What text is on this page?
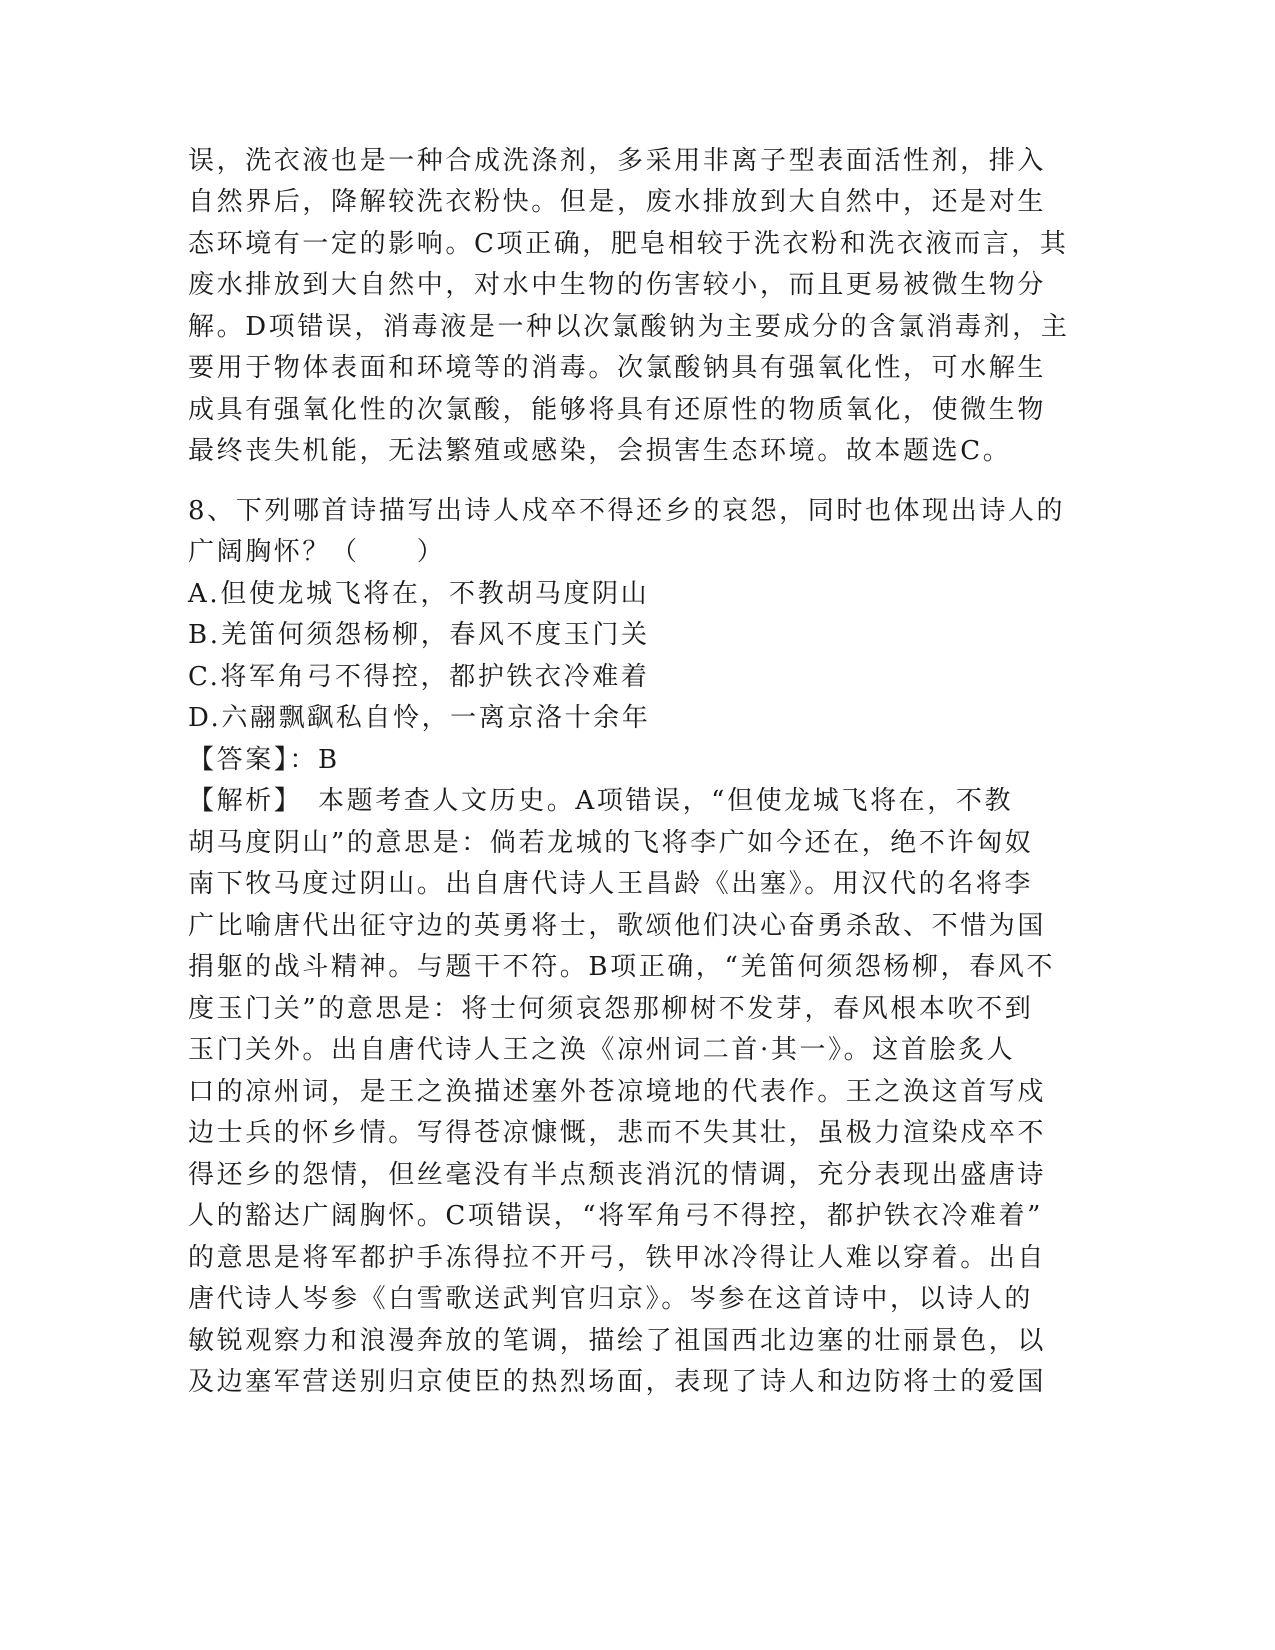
误，洗衣液也是一种合成洗涤剂，多采用非离子型表面活性剂，排入
自然界后，降解较洗衣粉快。但是，废水排放到大自然中，还是对生
态环境有一定的影响。C项正确，肥皂相较于洗衣粉和洗衣液而言，其
废水排放到大自然中，对水中生物的伤害较小，而且更易被微生物分
解。D项错误，消毒液是一种以次氯酸钠为主要成分的含氯消毒剂，主
要用于物体表面和环境等的消毒。次氯酸钠具有强氧化性，可水解生
成具有强氧化性的次氯酸，能够将具有还原性的物质氧化，使微生物
最终丧失机能，无法繁殖或感染，会损害生态环境。故本题选C。
8、下列哪首诗描写出诗人戍卒不得还乡的哀怨，同时也体现出诗人的
广阔胸怀？（　　）
A.但使龙城飞将在，不教胡马度阴山
B.羌笛何须怨杨柳，春风不度玉门关
C.将军角弓不得控，都护铁衣冷难着
D.六翮飘飖私自怜，一离京洛十余年
【答案】：B
【解析】　本题考查人文历史。A项错误，“但使龙城飞将在，不教
胡马度阴山”的意思是：倘若龙城的飞将李广如今还在，绝不许匈奴
南下牧马度过阴山。出自唐代诗人王昌龄《出塞》。用汉代的名将李
广比喻唐代出征守边的英勇将士，歌颂他们决心奋勇杀敌、不惜为国
捐躯的战斗精神。与题干不符。B项正确，“羌笛何须怨杨柳，春风不
度玉门关”的意思是：将士何须哀怨那柳树不发芽，春风根本吹不到
玉门关外。出自唐代诗人王之涣《凉州词二首·其一》。这首脍炙人
口的凉州词，是王之涣描述塞外苍凉境地的代表作。王之涣这首写戍
边士兵的怀乡情。写得苍凉慷慨，悲而不失其壮，虽极力渲染戍卒不
得还乡的怨情，但丝毫没有半点颓丧消沉的情调，充分表现出盛唐诗
人的豁达广阔胸怀。C项错误，“将军角弓不得控，都护铁衣冷难着”
的意思是将军都护手冻得拉不开弓，铁甲冰冷得让人难以穿着。出自
唐代诗人岑参《白雪歌送武判官归京》。岑参在这首诗中，以诗人的
敏锐观察力和浪漫奔放的笔调，描绘了祖国西北边塞的壮丽景色，以
及边塞军营送别归京使臣的热烈场面，表现了诗人和边防将士的爱国
